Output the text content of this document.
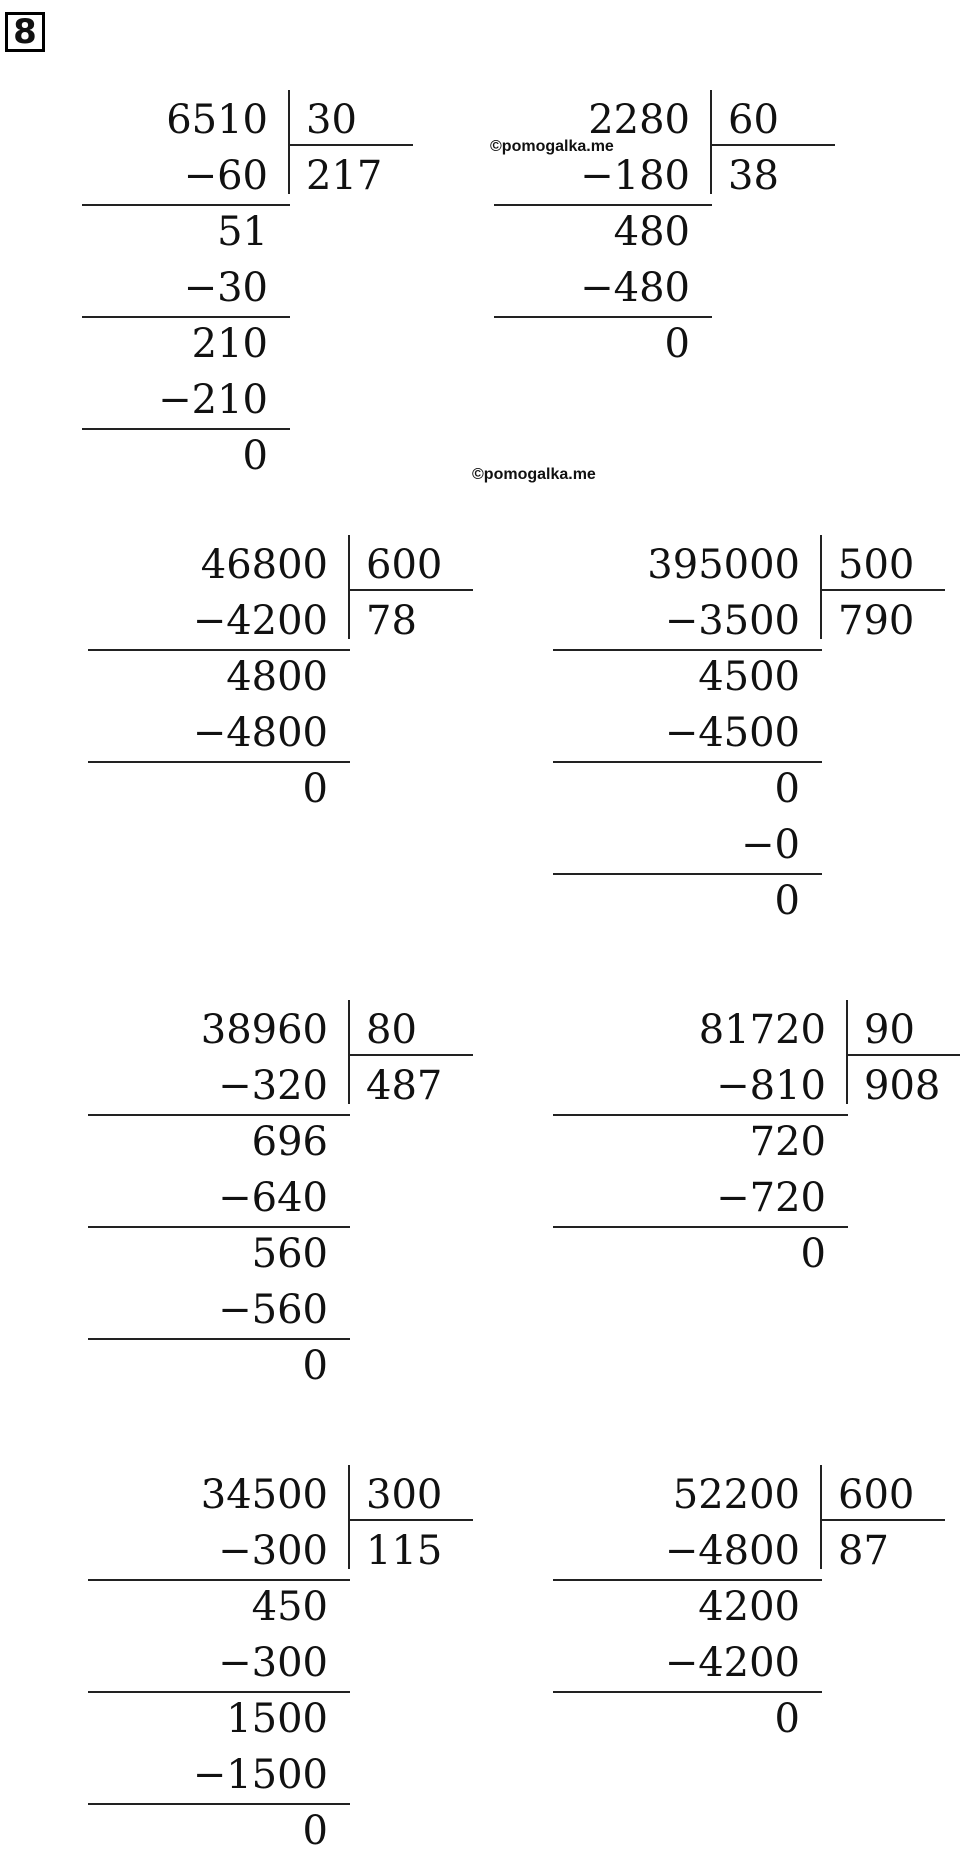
8
©pomogalka.me
©pomogalka.me
6510 30
217
−60
51
−30
210
−210
0
2280 60
38
−180
480
−480
0
46800 600
78
−4200
4800
−4800
0
395000 500
790
−3500
4500
−4500
0
−0
0
38960 80
487
−320
696
−640
560
−560
0
81720 90
908
−810
720
−720
0
34500 300
115
−300
450
−300
1500
−1500
0
52200 600
87
−4800
4200
−4200
0
